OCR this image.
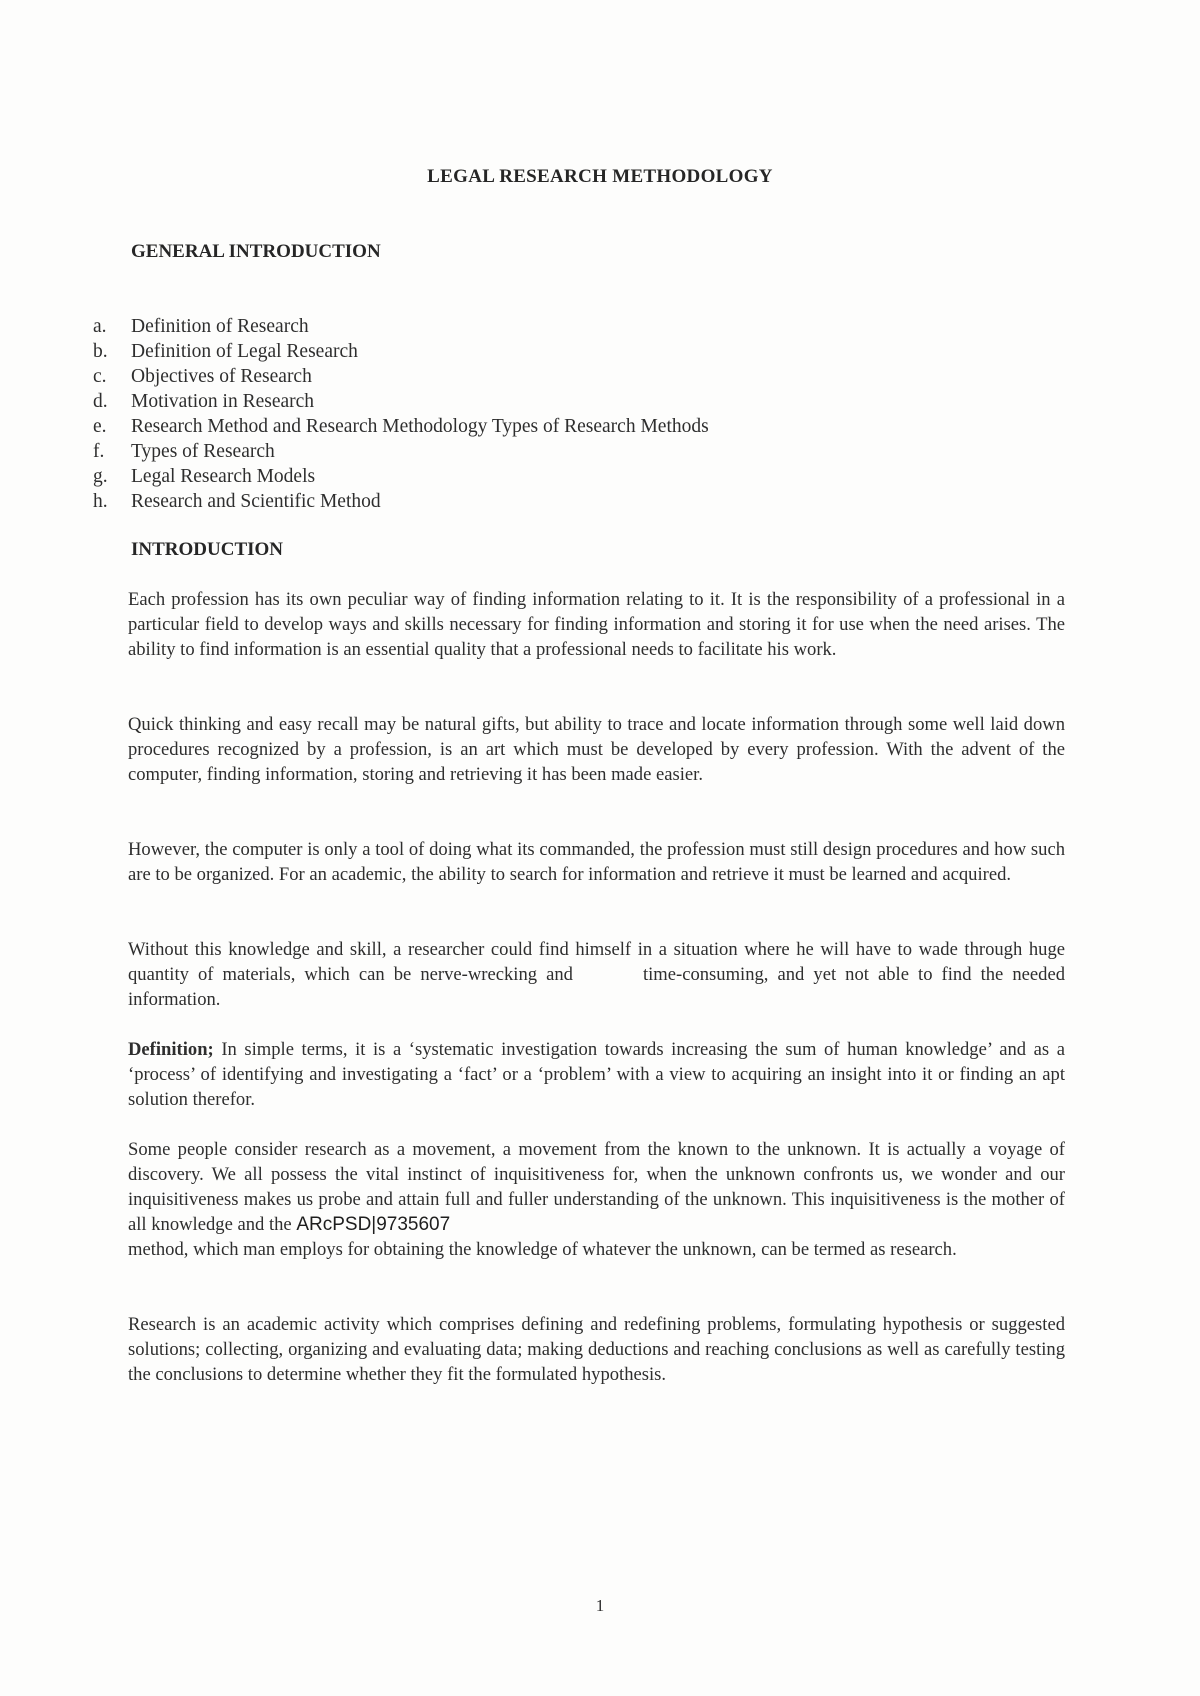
LEGAL RESEARCH METHODOLOGY
GENERAL INTRODUCTION
a. Definition of Research
b. Definition of Legal Research
c. Objectives of Research
d. Motivation in Research
e. Research Method and Research Methodology Types of Research Methods
f. Types of Research
g. Legal Research Models
h. Research and Scientific Method
INTRODUCTION

Each profession has its own peculiar way of finding information relating to it. It is the responsibility of a professional in a particular field to develop ways and skills necessary for finding information and storing it for use when the need arises. The ability to find information is an essential quality that a professional needs to facilitate his work.

Quick thinking and easy recall may be natural gifts, but ability to trace and locate information through some well laid down procedures recognized by a profession, is an art which must be developed by every profession. With the advent of the computer, finding information, storing and retrieving it has been made easier.

However, the computer is only a tool of doing what its commanded, the profession must still design procedures and how such are to be organized. For an academic, the ability to search for information and retrieve it must be learned and acquired.

Without this knowledge and skill, a researcher could find himself in a situation where he will have to wade through huge quantity of materials, which can be nerve-wrecking and	time-consuming, and yet not able to find the needed information.

Definition; In simple terms, it is a ‘systematic investigation towards increasing the sum of human knowledge’ and as a ‘process’ of identifying and investigating a ‘fact’ or a ‘problem’ with a view to acquiring an insight into it or finding an apt solution therefor.

Some people consider research as a movement, a movement from the known to the unknown. It is actually a voyage of discovery. We all possess the vital instinct of inquisitiveness for, when the unknown confronts us, we wonder and our inquisitiveness makes us probe and attain full and fuller understanding of the unknown. This inquisitiveness is the mother of all knowledge and the ARcPSD|9735607
method, which man employs for obtaining the knowledge of whatever the unknown, can be termed as research.

Research is an academic activity which comprises defining and redefining problems, formulating hypothesis or suggested solutions; collecting, organizing and evaluating data; making deductions and reaching conclusions as well as carefully testing the conclusions to determine whether they fit the formulated hypothesis.

1
